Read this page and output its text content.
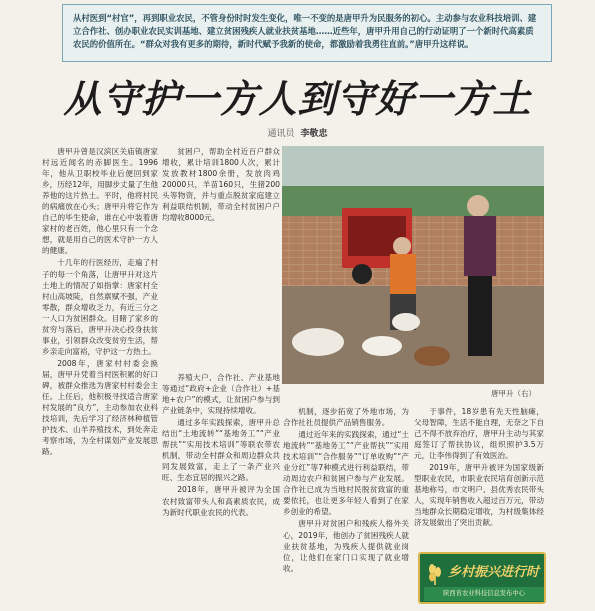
从村医到“村官”，再到职业农民，不管身份时时发生变化，唯一不变的是唐甲升为民服务的初心。主动参与农业科技培训、建立合作社、创办职业农民实训基地、建立贫困残疾人就业扶贫基地……近些年，唐甲升用自己的行动证明了一个新时代高素质农民的价值所在。“群众对我有更多的期待，新时代赋予我新的使命，都激励着我勇往直前。”唐甲升这样说。
从守护一方人到守好一方土
通讯员 李敬忠

唐甲升曾是汉滨区关庙镇唐家村远近闻名的赤脚医生。1996年，他从卫职校毕业后便回到家乡，历经12年，用脚步丈量了生他养他的这片热土。平时，他将村民的病痛放在心头；唐甲升将它作为自己的毕生使命，谁在心中装着唐家村的老百姓，他心里只有一个念想，就是用自己的医术守护一方人的健康。

十几年的行医经历，走遍了村子的每一个角落，让唐甲升对这片土地上的情况了如指掌：唐家村全村山高坡陡，自然禀赋不强，产业零散，群众增收乏力，有近三分之一人口为贫困群众。目睹了家乡的贫穷与落后，唐甲升决心投身扶贫事业，引领群众改变贫穷生活，帮乡亲走向富裕，守护这一方热土。

2008年，唐家村村委会换届，唐甲升凭着当村医积累的好口碑，被群众推选为唐家村村委会主任。上任后，他积极寻找适合唐家村发展的“良方”，主动参加农业科技培训，先后学习了经济林种植管护技术、山羊养殖技术，到处奔走考察市场，为全村谋划产业发展思路。

贫困户，帮助全村近百户群众增收，累计培训1800人次，累计发放教材1800余册，发放肉鸡20000只，羊苗160只，生猪200头等物资，并与重点脱贫家庭建立利益联结机制，带动全村贫困户户均增收8000元。

养殖大户、合作社、产业基地等通过“政府+企业（合作社）+基地+农户”的模式，让贫困户参与到产业链条中，实现持续增收。

通过多年实践探索，唐甲升总结出“土地流转”“基地务工”“产业帮扶”“实用技术培训”等联农带农机制，带动全村群众和周边群众共同发展致富，走上了一条产业兴旺、生态宜居的振兴之路。

2018年，唐甲升被评为全国农村致富带头人和高素质农民，成为新时代职业农民的代表。

唐甲升（右）

机制，逐步拓宽了外地市场，为合作社社员提供产品销售服务。

通过近年来的实践探索，通过“土地流转”“基地务工”“产业帮扶”“实用技术培训”“合作服务”“订单收购”“产业分红”等7种模式进行利益联结，带动周边农户和贫困户参与产业发展。合作社已成为当地村民脱贫致富的重要依托，也让更多年轻人看到了在家乡创业的希望。

唐甲升对贫困户和残疾人格外关心，2019年，他创办了贫困残疾人就业扶贫基地，为残疾人提供就业岗位，让他们在家门口实现了就业增收。

于事件，18岁患有先天性脑瘫，父母智障，生活不能自理，无奈之下自己不得不放弃治疗，唐甲升主动与其家庭签订了帮扶协议，组织照护3.5万元，让李伟得到了有效医治。

2019年，唐甲升被评为国家级新型职业农民，市职业农民培育创新示范基地称号，市文明户、县优秀农民带头人，实现年销售收入超过百万元，带动当地群众长期稳定增收，为村级集体经济发展做出了突出贡献。

乡村振兴进行时
陕西省农业科技信息发布中心
